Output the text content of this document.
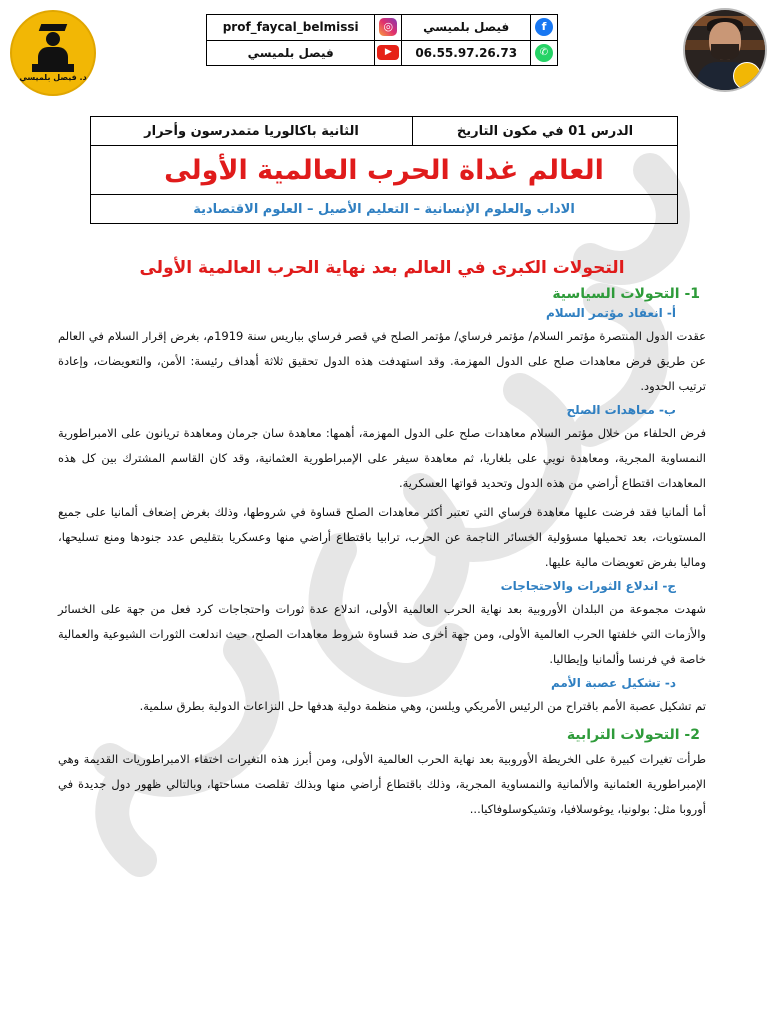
د. فيصل بلميسي
prof_faycal_belmissi	◎	فيصل بلميسي	f
فيصل بلميسي	▶	06.55.97.26.73	✆
الدرس 01 في مكون التاريخ	الثانية باكالوريا متمدرسون وأحرار
العالم غداة الحرب العالمية الأولى
الاداب والعلوم الإنسانية – التعليم الأصيل – العلوم الاقتصادية
التحولات الكبرى في العالم بعد نهاية الحرب العالمية الأولى
1- التحولات السياسية
أ- انعقاد مؤتمر السلام

عقدت الدول المنتصرة مؤتمر السلام/ مؤتمر فرساي/ مؤتمر الصلح في قصر فرساي بباريس سنة 1919م، بغرض إقرار السلام في العالم عن طريق فرض معاهدات صلح على الدول المهزمة. وقد استهدفت هذه الدول تحقيق ثلاثة أهداف رئيسة: الأمن، والتعويضات، وإعادة ترتيب الحدود.

ب- معاهدات الصلح

فرض الحلفاء من خلال مؤتمر السلام معاهدات صلح على الدول المهزمة، أهمها: معاهدة سان جرمان ومعاهدة تريانون على الامبراطورية النمساوية المجرية، ومعاهدة نويي على بلغاريا، ثم معاهدة سيفر على الإمبراطورية العثمانية، وقد كان القاسم المشترك بين كل هذه المعاهدات اقتطاع أراضي من هذه الدول وتحديد قواتها العسكرية.

أما ألمانيا فقد فرضت عليها معاهدة فرساي التي تعتبر أكثر معاهدات الصلح قساوة في شروطها، وذلك بغرض إضعاف ألمانيا على جميع المستويات، بعد تحميلها مسؤولية الخسائر الناجمة عن الحرب، ترابيا باقتطاع أراضي منها وعسكريا بتقليص عدد جنودها ومنع تسليحها، وماليا بفرض تعويضات مالية عليها.

ج- اندلاع الثورات والاحتجاجات

شهدت مجموعة من البلدان الأوروبية بعد نهاية الحرب العالمية الأولى، اندلاع عدة ثورات واحتجاجات كرد فعل من جهة على الخسائر والأزمات التي خلفتها الحرب العالمية الأولى، ومن جهة أخرى ضد قساوة شروط معاهدات الصلح، حيث اندلعت الثورات الشيوعية والعمالية خاصة في فرنسا وألمانيا وإيطاليا.

د- تشكيل عصبة الأمم

تم تشكيل عصبة الأمم باقتراح من الرئيس الأمريكي ويلسن، وهي منظمة دولية هدفها حل النزاعات الدولية بطرق سلمية.

2- التحولات الترابية

طرأت تغيرات كبيرة على الخريطة الأوروبية بعد نهاية الحرب العالمية الأولى، ومن أبرز هذه التغيرات اختفاء الامبراطوريات القديمة وهي الإمبراطورية العثمانية والألمانية والنمساوية المجرية، وذلك باقتطاع أراضي منها وبذلك تقلصت مساحتها، وبالتالي ظهور دول جديدة في أوروبا مثل: بولونيا، يوغوسلافيا، وتشيكوسلوفاكيا...
